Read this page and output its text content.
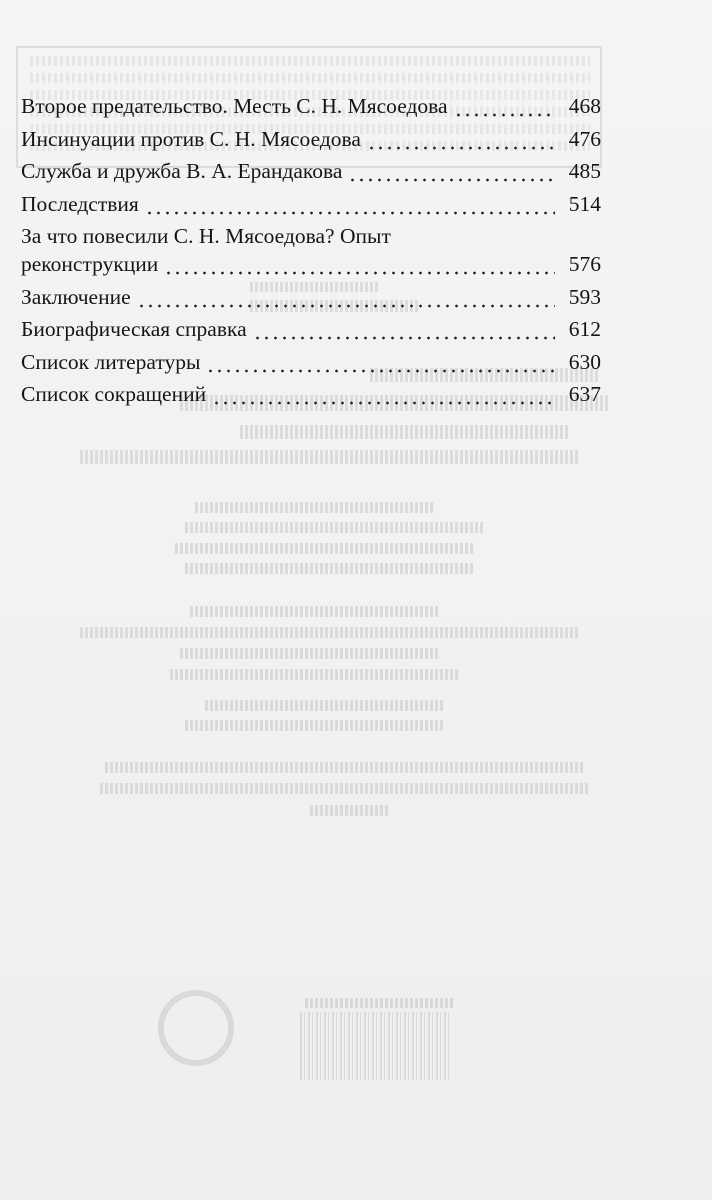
Второе предательство. Месть С. Н. Мясоедова	468
Инсинуации против С. Н. Мясоедова	476
Служба и дружба В. А. Ерандакова	485
Последствия	514
За что повесили С. Н. Мясоедова? Опыт
реконструкции	576
Заключение	593
Биографическая справка	612
Список литературы	630
Список сокращений	637
